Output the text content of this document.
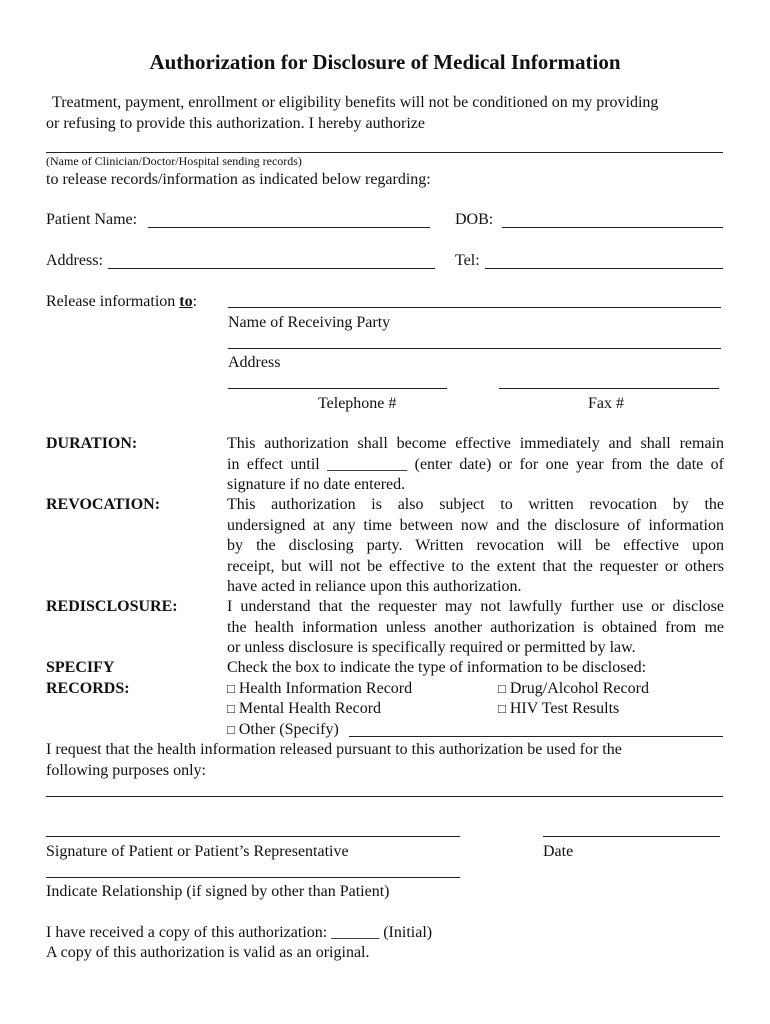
Authorization for Disclosure of Medical Information
Treatment, payment, enrollment or eligibility benefits will not be conditioned on my providing
or refusing to provide this authorization. I hereby authorize
(Name of Clinician/Doctor/Hospital sending records)
to release records/information as indicated below regarding:
Patient Name:	DOB:
Address:	Tel:
Release information to:
Name of Receiving Party
Address
Telephone #	Fax #
DURATION:	This authorization shall become effective immediately and shall remain
in effect until __________ (enter date) or for one year from the date of
signature if no date entered.
REVOCATION:	This authorization is also subject to written revocation by the
undersigned at any time between now and the disclosure of information
by the disclosing party. Written revocation will be effective upon
receipt, but will not be effective to the extent that the requester or others
have acted in reliance upon this authorization.
REDISCLOSURE:	I understand that the requester may not lawfully further use or disclose
the health information unless another authorization is obtained from me
or unless disclosure is specifically required or permitted by law.
SPECIFY
RECORDS:
Check the box to indicate the type of information to be disclosed:
□ Health Information Record	□ Drug/Alcohol Record
□ Mental Health Record	□ HIV Test Results
□ Other (Specify)
I request that the health information released pursuant to this authorization be used for the
following purposes only:
Signature of Patient or Patient’s Representative	Date
Indicate Relationship (if signed by other than Patient)
I have received a copy of this authorization: ______ (Initial)
A copy of this authorization is valid as an original.
